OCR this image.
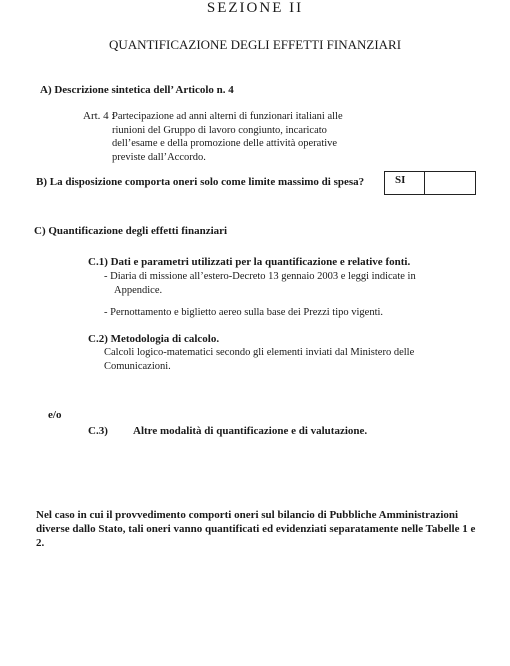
SEZIONE II
QUANTIFICAZIONE DEGLI EFFETTI FINANZIARI
A) Descrizione sintetica dell’ Articolo n. 4
Art. 4 :
Partecipazione ad anni alterni di funzionari italiani alle
riunioni del Gruppo di lavoro congiunto, incaricato
dell’esame e della promozione delle attività operative
previste dall’Accordo.
B) La disposizione comporta oneri solo come limite massimo di spesa?	SI
C) Quantificazione degli effetti finanziari
C.1) Dati e parametri utilizzati per la quantificazione e relative fonti.
- Diaria di missione all’estero-Decreto 13 gennaio 2003 e leggi indicate in
Appendice.
- Pernottamento e biglietto aereo sulla base dei Prezzi tipo vigenti.
C.2) Metodologia di calcolo.
Calcoli logico-matematici secondo gli elementi inviati dal Ministero delle
Comunicazioni.
e/o
C.3) Altre modalità di quantificazione e di valutazione.
Nel caso in cui il provvedimento comporti oneri sul bilancio di Pubbliche Amministrazioni diverse dallo Stato, tali oneri vanno quantificati ed evidenziati separatamente nelle Tabelle 1 e 2.
